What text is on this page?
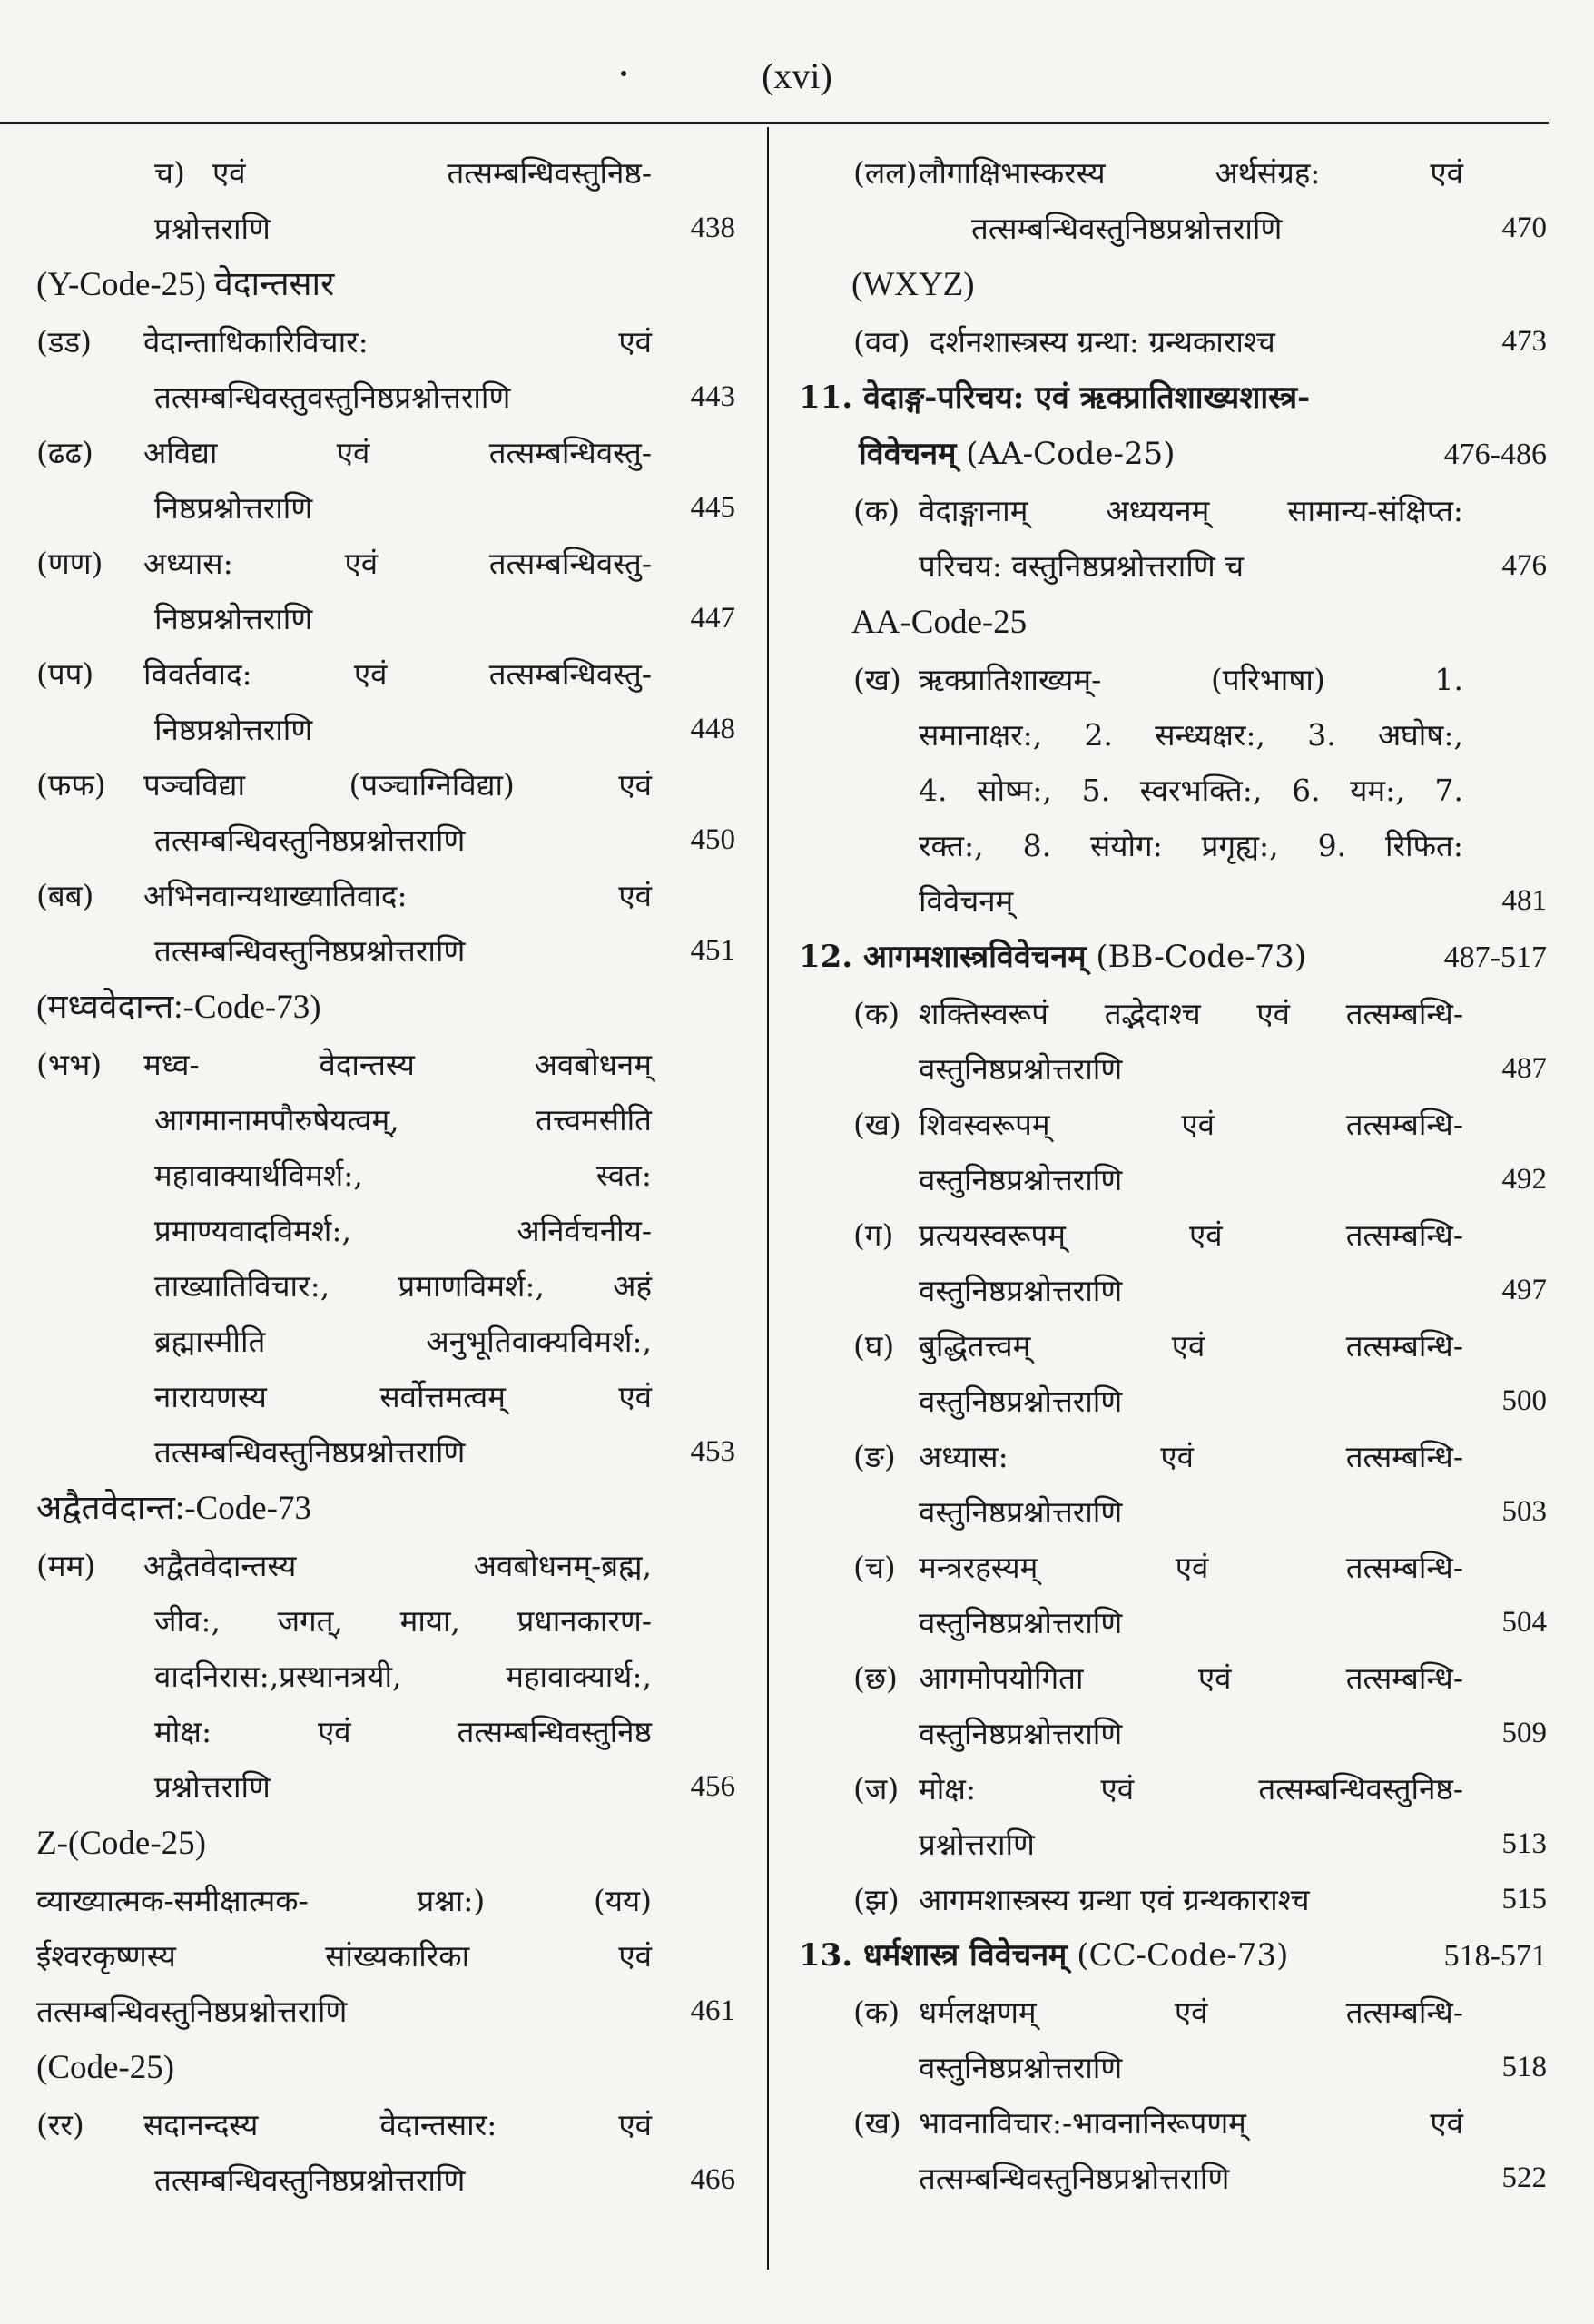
(xvi)
च) एवं तत्सम्बन्धिवस्तुनिष्ठ-
प्रश्नोत्तराणि	438
(Y-Code-25) वेदान्तसार
(डड)	वेदान्ताधिकारिविचार: एवं
तत्सम्बन्धिवस्तुवस्तुनिष्ठप्रश्नोत्तराणि	443
(ढढ)	अविद्या एवं तत्सम्बन्धिवस्तु-
निष्ठप्रश्नोत्तराणि	445
(णण)	अध्यास: एवं तत्सम्बन्धिवस्तु-
निष्ठप्रश्नोत्तराणि	447
(पप)	विवर्तवाद: एवं तत्सम्बन्धिवस्तु-
निष्ठप्रश्नोत्तराणि	448
(फफ)	पञ्चविद्या (पञ्चाग्निविद्या) एवं
तत्सम्बन्धिवस्तुनिष्ठप्रश्नोत्तराणि	450
(बब)	अभिनवान्यथाख्यातिवाद: एवं
तत्सम्बन्धिवस्तुनिष्ठप्रश्नोत्तराणि	451
(मध्ववेदान्त:-Code-73)
(भभ)	मध्व- वेदान्तस्य अवबोधनम्
आगमानामपौरुषेयत्वम्, तत्त्वमसीति
महावाक्यार्थविमर्श:, स्वत:
प्रमाण्यवादविमर्श:, अनिर्वचनीय-
ताख्यातिविचार:, प्रमाणविमर्श:, अहं
ब्रह्मास्मीति अनुभूतिवाक्यविमर्श:,
नारायणस्य सर्वोत्तमत्वम् एवं
तत्सम्बन्धिवस्तुनिष्ठप्रश्नोत्तराणि	453
अद्वैतवेदान्त:-Code-73
(मम)	अद्वैतवेदान्तस्य अवबोधनम्-ब्रह्म,
जीव:, जगत्, माया, प्रधानकारण-
वादनिरास:,प्रस्थानत्रयी, महावाक्यार्थ:,
मोक्ष: एवं तत्सम्बन्धिवस्तुनिष्ठ
प्रश्नोत्तराणि	456
Z-(Code-25)
व्याख्यात्मक-समीक्षात्मक- प्रश्ना:) (यय)
ईश्वरकृष्णस्य सांख्यकारिका एवं
तत्सम्बन्धिवस्तुनिष्ठप्रश्नोत्तराणि	461
(Code-25)
(रर)	सदानन्दस्य वेदान्तसार: एवं
तत्सम्बन्धिवस्तुनिष्ठप्रश्नोत्तराणि	466
(लल) लौगाक्षिभास्करस्य अर्थसंग्रह: एवं
तत्सम्बन्धिवस्तुनिष्ठप्रश्नोत्तराणि	470
(WXYZ)
(वव) दर्शनशास्त्रस्य ग्रन्था: ग्रन्थकाराश्च	473
11. वेदाङ्ग-परिचय: एवं ऋक्प्रातिशाख्यशास्त्र-
विवेचनम् (AA-Code-25)	476-486
(क) वेदाङ्गानाम् अध्ययनम् सामान्य-संक्षिप्त:
परिचय: वस्तुनिष्ठप्रश्नोत्तराणि च	476
AA-Code-25
(ख) ऋक्प्रातिशाख्यम्- (परिभाषा) 1.
समानाक्षर:, 2. सन्ध्यक्षर:, 3. अघोष:,
4. सोष्म:, 5. स्वरभक्ति:, 6. यम:, 7.
रक्त:, 8. संयोग: प्रगृह्य:, 9. रिफित:
विवेचनम्	481
12. आगमशास्त्रविवेचनम् (BB-Code-73)	487-517
(क) शक्तिस्वरूपं तद्भेदाश्च एवं तत्सम्बन्धि-
वस्तुनिष्ठप्रश्नोत्तराणि	487
(ख) शिवस्वरूपम् एवं तत्सम्बन्धि-
वस्तुनिष्ठप्रश्नोत्तराणि	492
(ग) प्रत्ययस्वरूपम् एवं तत्सम्बन्धि-
वस्तुनिष्ठप्रश्नोत्तराणि	497
(घ) बुद्धितत्त्वम् एवं तत्सम्बन्धि-
वस्तुनिष्ठप्रश्नोत्तराणि	500
(ङ) अध्यास: एवं तत्सम्बन्धि-
वस्तुनिष्ठप्रश्नोत्तराणि	503
(च) मन्त्ररहस्यम् एवं तत्सम्बन्धि-
वस्तुनिष्ठप्रश्नोत्तराणि	504
(छ) आगमोपयोगिता एवं तत्सम्बन्धि-
वस्तुनिष्ठप्रश्नोत्तराणि	509
(ज) मोक्ष: एवं तत्सम्बन्धिवस्तुनिष्ठ-
प्रश्नोत्तराणि	513
(झ) आगमशास्त्रस्य ग्रन्था एवं ग्रन्थकाराश्च	515
13. धर्मशास्त्र विवेचनम् (CC-Code-73)	518-571
(क) धर्मलक्षणम् एवं तत्सम्बन्धि-
वस्तुनिष्ठप्रश्नोत्तराणि	518
(ख) भावनाविचार:-भावनानिरूपणम् एवं
तत्सम्बन्धिवस्तुनिष्ठप्रश्नोत्तराणि	522
